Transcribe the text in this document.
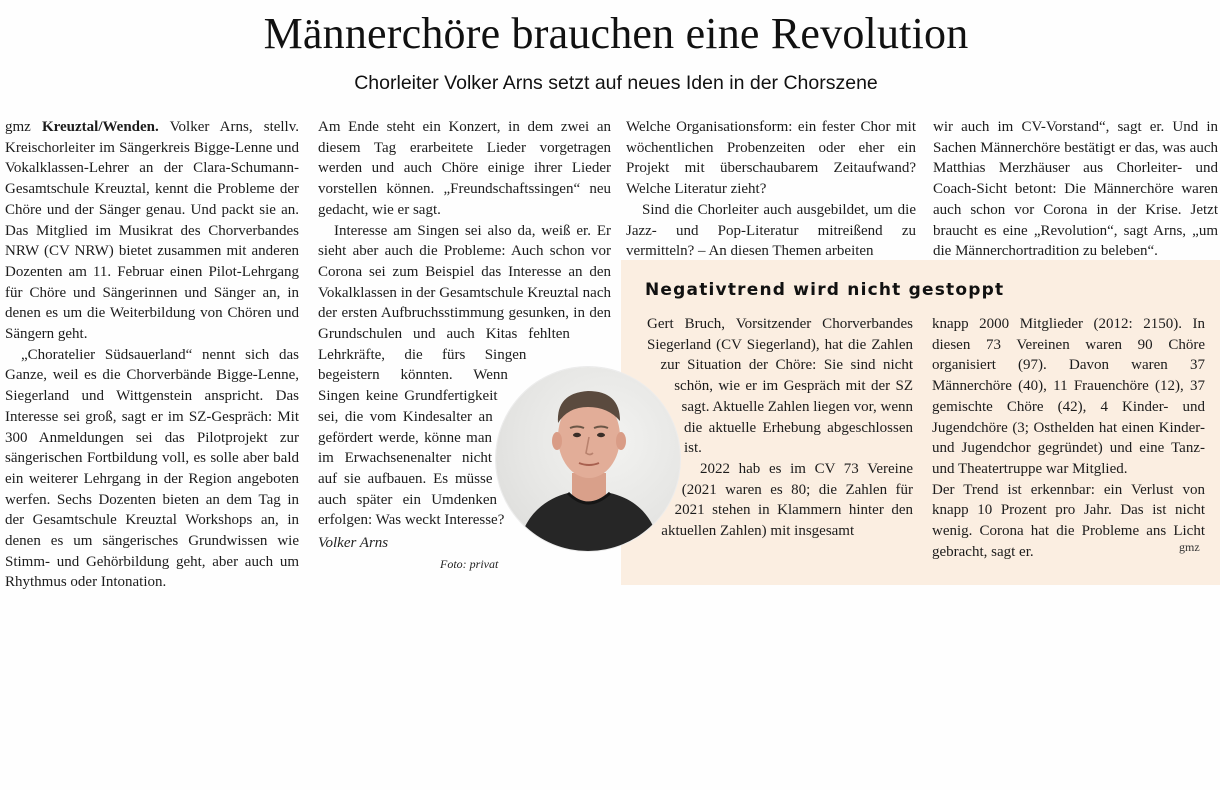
Männerchöre brauchen eine Revolution
Chorleiter Volker Arns setzt auf neues Iden in der Chorszene

gmz Kreuztal/Wenden. Volker Arns, stellv. Kreischorleiter im Sängerkreis Bigge-Lenne und Vokalklassen-Lehrer an der Clara-Schumann-Gesamtschule Kreuztal, kennt die Probleme der Chöre und der Sänger genau. Und packt sie an. Das Mitglied im Musikrat des Chorverbandes NRW (CV NRW) bietet zusammen mit anderen Dozenten am 11. Februar einen Pilot-Lehrgang für Chöre und Sängerinnen und Sänger an, in denen es um die Weiterbildung von Chören und Sängern geht.

„Choratelier Südsauerland“ nennt sich das Ganze, weil es die Chorverbände Bigge-Lenne, Siegerland und Wittgenstein anspricht. Das Interesse sei groß, sagt er im SZ-Gespräch: Mit 300 Anmeldungen sei das Pilotprojekt zur sängerischen Fortbildung voll, es solle aber bald ein weiterer Lehrgang in der Region angeboten werfen. Sechs Dozenten bieten an dem Tag in der Gesamtschule Kreuztal Workshops an, in denen es um sängerisches Grundwissen wie Stimm- und Gehörbildung geht, aber auch um Rhythmus oder Intonation.

Am Ende steht ein Konzert, in dem zwei an diesem Tag erarbeitete Lieder vorgetragen werden und auch Chöre einige ihrer Lieder vorstellen können. „Freundschaftssingen“ neu gedacht, wie er sagt.

Interesse am Singen sei also da, weiß er. Er sieht aber auch die Probleme: Auch schon vor Corona sei zum Beispiel das Interesse an den Vokalklassen in der Gesamtschule Kreuztal nach der ersten Aufbruchsstimmung gesunken, in den Grundschulen und auch Kitas fehlten Lehrkräfte, die fürs Singen begeistern könnten. Wenn Singen keine Grundfertigkeit sei, die vom Kindesalter an gefördert werde, könne man im Erwachsenenalter nicht auf sie aufbauen. Es müsse auch später ein Umdenken erfolgen: Was weckt Interesse?

Welche Organisationsform: ein fester Chor mit wöchentlichen Probenzeiten oder eher ein Projekt mit überschaubarem Zeitaufwand? Welche Literatur zieht?

Sind die Chorleiter auch ausgebildet, um die Jazz- und Pop-Literatur mitreißend zu vermitteln? – An diesen Themen arbeiten

wir auch im CV-Vorstand“, sagt er. Und in Sachen Männerchöre bestätigt er das, was auch Matthias Merzhäuser aus Chorleiter- und Coach-Sicht betont: Die Männerchöre waren auch schon vor Corona in der Krise. Jetzt braucht es eine „Revolution“, sagt Arns, „um die Männerchortradition zu beleben“.

Volker Arns
Negativtrend wird nicht gestoppt

Gert Bruch, Vorsitzender Chorverbandes Siegerland (CV Siegerland), hat die Zahlen zur Situation der Chöre: Sie sind nicht schön, wie er im Gespräch mit der SZ sagt. Aktuelle Zahlen liegen vor, wenn die aktuelle Erhebung abgeschlossen ist.

2022 hab es im CV 73 Vereine (2021 waren es 80; die Zahlen für 2021 stehen in Klammern hinter den aktuellen Zahlen) mit insgesamt

knapp 2000 Mitglieder (2012: 2150). In diesen 73 Vereinen waren 90 Chöre organisiert (97). Davon waren 37 Männerchöre (40), 11 Frauenchöre (12), 37 gemischte Chöre (42), 4 Kinder- und Jugendchöre (3; Osthelden hat einen Kinder- und Jugendchor gegründet) und eine Tanz- und Theatertruppe war Mitglied.

Der Trend ist erkennbar: ein Verlust von knapp 10 Prozent pro Jahr. Das ist nicht wenig. Corona hat die Probleme ans Licht gebracht, sagt er.	gmz
Foto: privat
